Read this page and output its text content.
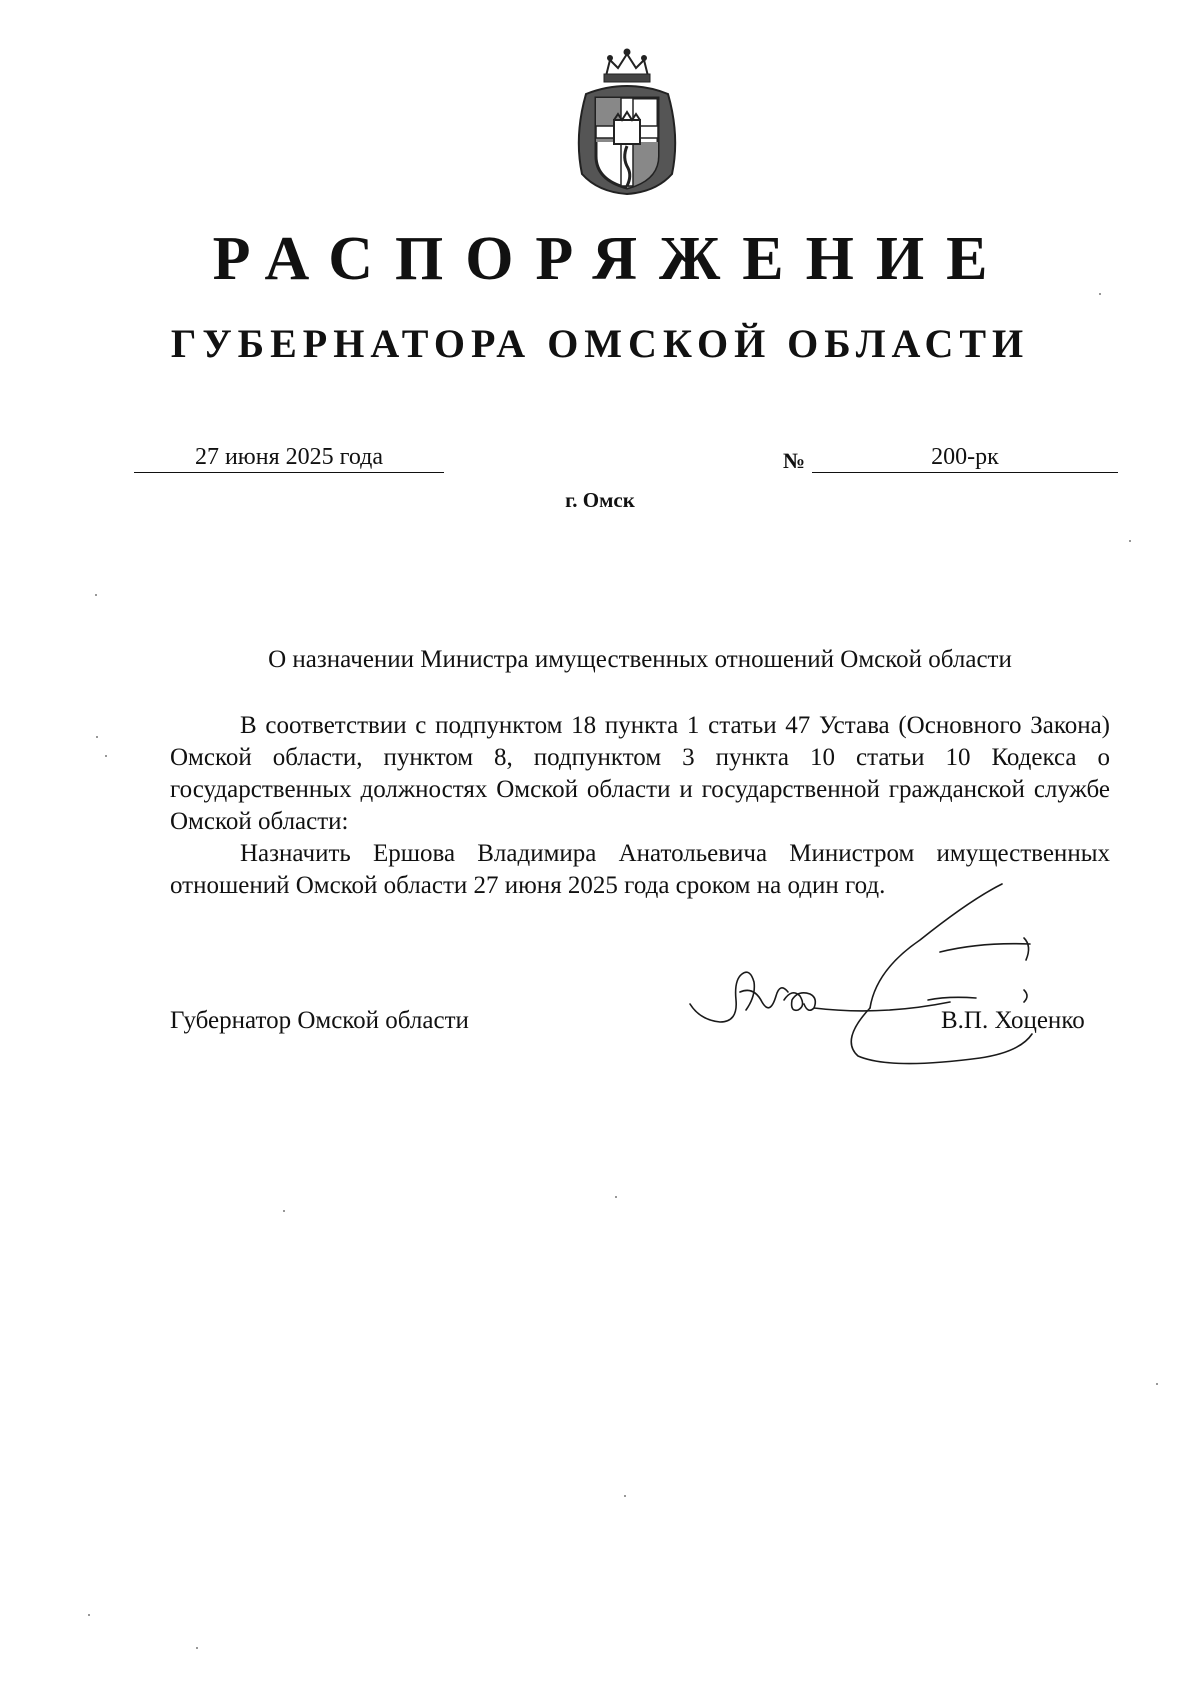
РАСПОРЯЖЕНИЕ
ГУБЕРНАТОРА ОМСКОЙ ОБЛАСТИ
27 июня 2025 года	№	200-рк
г. Омск
О назначении Министра имущественных отношений Омской области
В соответствии с подпунктом 18 пункта 1 статьи 47 Устава (Основного Закона) Омской области, пунктом 8, подпунктом 3 пункта 10 статьи 10 Кодекса о государственных должностях Омской области и государственной гражданской службе Омской области:
Назначить Ершова Владимира Анатольевича Министром имущественных отношений Омской области 27 июня 2025 года сроком на один год.
Губернатор Омской области	В.П. Хоценко
